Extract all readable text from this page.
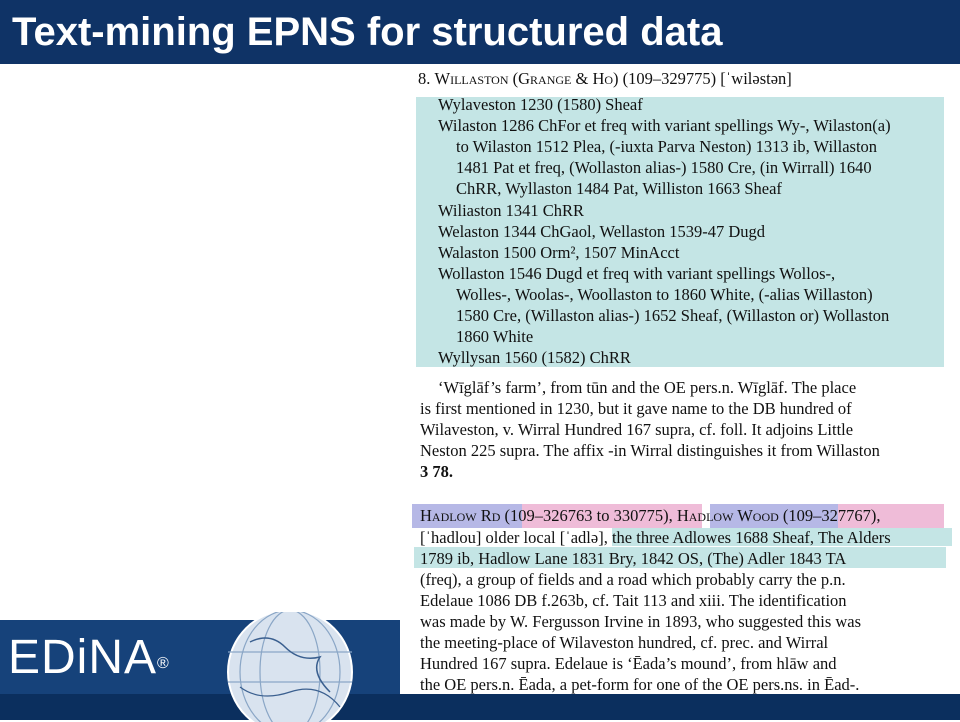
Text-mining EPNS for structured data
EDiNA®
8. Willaston (Grange & Ho) (109–329775) [ˈwiləstən]
Wylaveston 1230 (1580) Sheaf
Wilaston 1286 ChFor et freq with variant spellings Wy-, Wilaston(a)
to Wilaston 1512 Plea, (-iuxta Parva Neston) 1313 ib, Willaston
1481 Pat et freq, (Wollaston alias-) 1580 Cre, (in Wirrall) 1640
ChRR, Wyllaston 1484 Pat, Williston 1663 Sheaf
Wiliaston 1341 ChRR
Welaston 1344 ChGaol, Wellaston 1539-47 Dugd
Walaston 1500 Orm², 1507 MinAcct
Wollaston 1546 Dugd et freq with variant spellings Wollos-,
Wolles-, Woolas-, Woollaston to 1860 White, (-alias Willaston)
1580 Cre, (Willaston alias-) 1652 Sheaf, (Willaston or) Wollaston
1860 White
Wyllysan 1560 (1582) ChRR
‘Wīglāf’s farm’, from tūn and the OE pers.n. Wīglāf. The place
is first mentioned in 1230, but it gave name to the DB hundred of
Wilaveston, v. Wirral Hundred 167 supra, cf. foll. It adjoins Little
Neston 225 supra. The affix -in Wirral distinguishes it from Willaston
3 78.
Hadlow Rd (109–326763 to 330775), Hadlow Wood (109–327767),
[ˈhadlou] older local [ˈadlə], the three Adlowes 1688 Sheaf, The Alders
1789 ib, Hadlow Lane 1831 Bry, 1842 OS, (The) Adler 1843 TA
(freq), a group of fields and a road which probably carry the p.n.
Edelaue 1086 DB f.263b, cf. Tait 113 and xiii. The identification
was made by W. Fergusson Irvine in 1893, who suggested this was
the meeting-place of Wilaveston hundred, cf. prec. and Wirral
Hundred 167 supra. Edelaue is ‘Ēada’s mound’, from hlāw and
the OE pers.n. Ēada, a pet-form for one of the OE pers.ns. in Ēad-.
